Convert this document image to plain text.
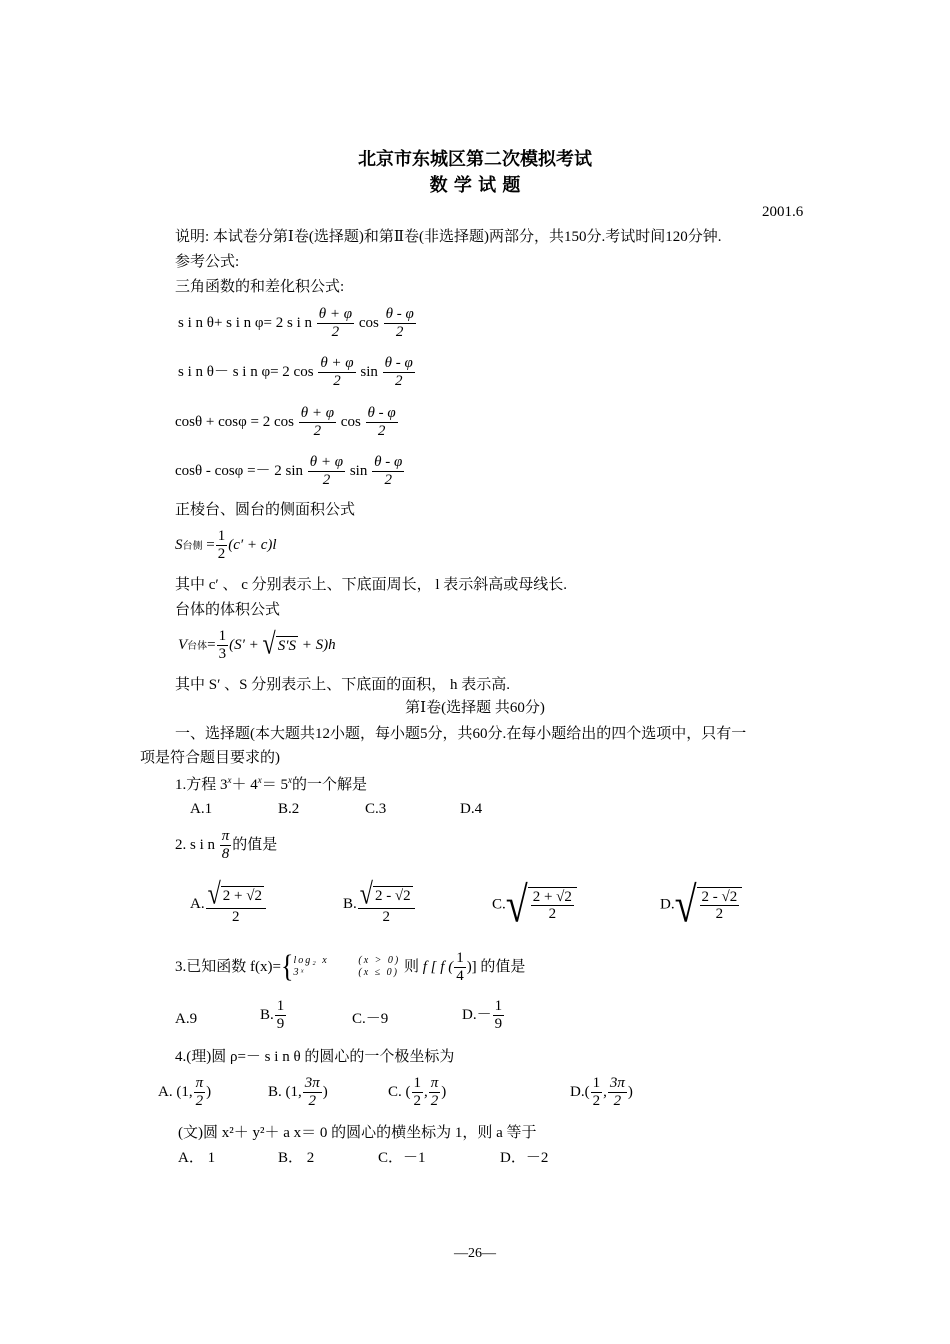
北京市东城区第二次模拟考试
数 学 试 题
2001.6
说明: 本试卷分第Ⅰ卷(选择题)和第Ⅱ卷(非选择题)两部分，共150分.考试时间120分钟.
参考公式:
三角函数的和差化积公式:
s i n θ+ s i n φ= 2 s i n $\frac{\theta + \varphi}{2}$ $\cos \frac{\theta - \varphi}{2}$
s i n θ－ s i n φ= 2 $\cos \frac{\theta + \varphi}{2}$ $\sin \frac{\theta - \varphi}{2}$
cosθ + cosφ = 2 $\cos \frac{\theta + \varphi}{2}$ $\cos \frac{\theta - \varphi}{2}$
cosθ - cosφ =－ 2 $\sin \frac{\theta + \varphi}{2}$ $\sin \frac{\theta - \varphi}{2}$
正棱台、圆台的侧面积公式
S台侧 = $\frac{1}{2} (c' + c)l$
其中 c′ 、 c 分别表示上、下底面周长， l 表示斜高或母线长.
台体的体积公式
V台体= $\frac{1}{3} (S'$ + √ S′S + S)h
其中 S′ 、S 分别表示上、下底面的面积， h 表示高.
第Ⅰ卷(选择题 共60分)
一、选择题(本大题共12小题，每小题5分，共60分.在每小题给出的四个选项中，只有一
项是符合题目要求的)
1.方程 $3^x+ 4^x= 5^x$的一个解是
A.1	B.2	C.3	D.4
2. s i n $\frac{\pi}{8}$ 的值是
A. $\frac{√ 2 + √2}{2}$	B. $\frac{√ 2 - √2}{2}$	$C.√ \frac{2 + √2}{2}$	$D.√ \frac{2 - √2}{2}$
3.已知函数 f(x)={log₂ x
3ˣ (x > 0)
(x ≤ 0) 则 f [ f ( $\frac{1}{4}$ )] 的值是
A.9	B. $\frac{1}{9}$	C.－9	$D.- \frac{1}{9}$
4.(理)圆 ρ=－ s i n θ 的圆心的一个极坐标为
A. (1, $\frac{\pi}{2}$ )	B. (1, $\frac{3\pi}{2}$ )	C. ( $\frac{1}{2}$ , $\frac{\pi}{2}$ )	$D.( \frac{1}{2}$ , $\frac{3\pi}{2}$ )
(文)圆 x²＋ y²＋ a x＝ 0 的圆心的横坐标为 1，则 a 等于
A． 1	B． 2	C．－1	D．－2
—26—
